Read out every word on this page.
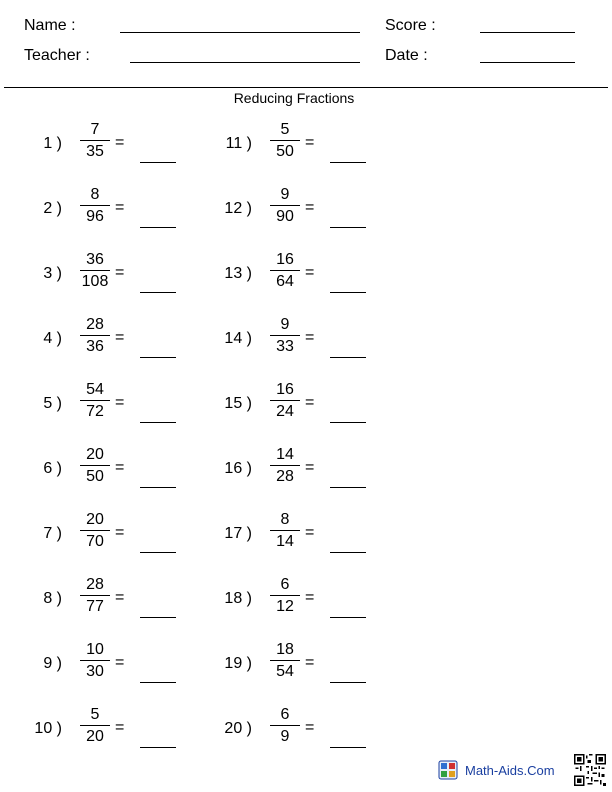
Name :
Teacher :
Score :
Date :
Reducing Fractions
1 )
7
35
=
2 )
8
96
=
3 )
36
108
=
4 )
28
36
=
5 )
54
72
=
6 )
20
50
=
7 )
20
70
=
8 )
28
77
=
9 )
10
30
=
10 )
5
20
=
11 )
5
50
=
12 )
9
90
=
13 )
16
64
=
14 )
9
33
=
15 )
16
24
=
16 )
14
28
=
17 )
8
14
=
18 )
6
12
=
19 )
18
54
=
20 )
6
9
=
Math-Aids.Com
